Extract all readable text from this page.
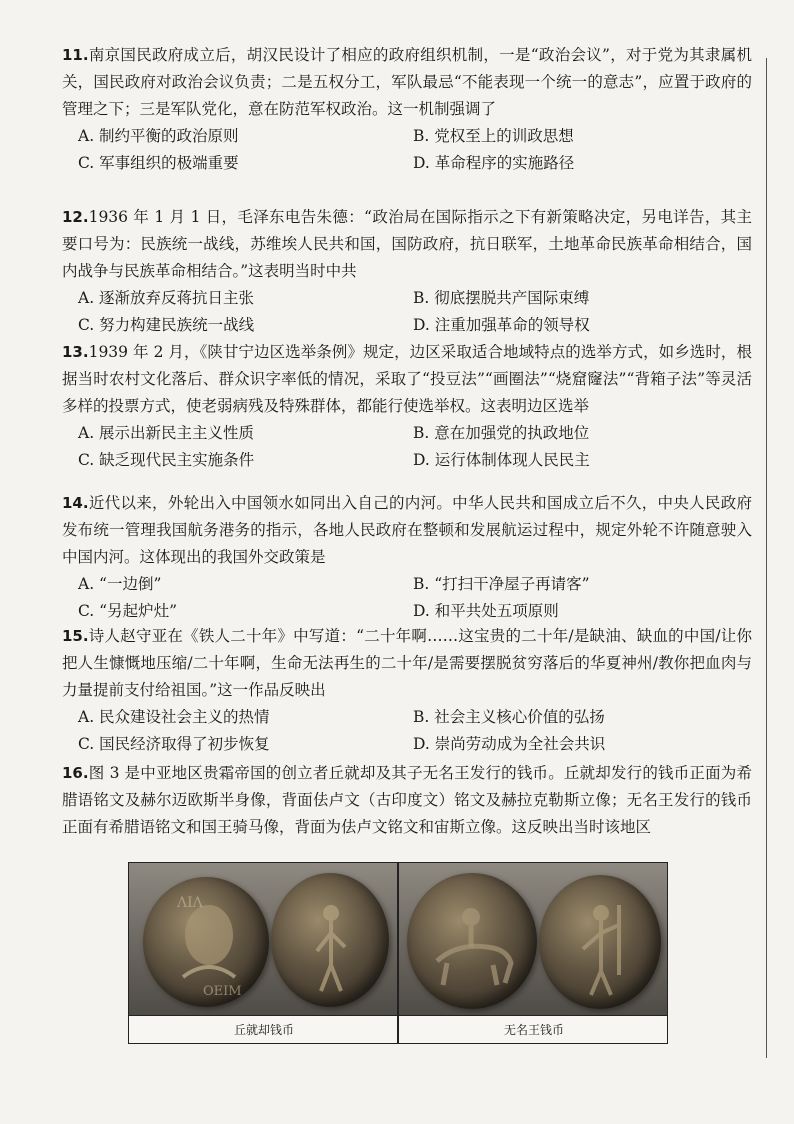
11.南京国民政府成立后，胡汉民设计了相应的政府组织机制，一是“政治会议”，对于党为其隶属机关，国民政府对政治会议负责；二是五权分工，军队最忌“不能表现一个统一的意志”，应置于政府的管理之下；三是军队党化，意在防范军权政治。这一机制强调了

A. 制约平衡的政治原则	B. 党权至上的训政思想
C. 军事组织的极端重要	D. 革命程序的实施路径

12.1936 年 1 月 1 日，毛泽东电告朱德：“政治局在国际指示之下有新策略决定，另电详告，其主要口号为：民族统一战线，苏维埃人民共和国，国防政府，抗日联军，土地革命民族革命相结合，国内战争与民族革命相结合。”这表明当时中共

A. 逐渐放弃反蒋抗日主张	B. 彻底摆脱共产国际束缚
C. 努力构建民族统一战线	D. 注重加强革命的领导权

13.1939 年 2 月，《陕甘宁边区选举条例》规定，边区采取适合地域特点的选举方式，如乡选时，根据当时农村文化落后、群众识字率低的情况，采取了“投豆法”“画圈法”“烧窟窿法”“背箱子法”等灵活多样的投票方式，使老弱病残及特殊群体，都能行使选举权。这表明边区选举

A. 展示出新民主主义性质	B. 意在加强党的执政地位
C. 缺乏现代民主实施条件	D. 运行体制体现人民民主

14.近代以来，外轮出入中国领水如同出入自己的内河。中华人民共和国成立后不久，中央人民政府发布统一管理我国航务港务的指示，各地人民政府在整顿和发展航运过程中，规定外轮不许随意驶入中国内河。这体现出的我国外交政策是

A. “一边倒”	B. “打扫干净屋子再请客”
C. “另起炉灶”	D. 和平共处五项原则

15.诗人赵守亚在《铁人二十年》中写道：“二十年啊……这宝贵的二十年/是缺油、缺血的中国/让你把人生慷慨地压缩/二十年啊，生命无法再生的二十年/是需要摆脱贫穷落后的华夏神州/教你把血肉与力量提前支付给祖国。”这一作品反映出

A. 民众建设社会主义的热情	B. 社会主义核心价值的弘扬
C. 国民经济取得了初步恢复	D. 崇尚劳动成为全社会共识

16.图 3 是中亚地区贵霜帝国的创立者丘就却及其子无名王发行的钱币。丘就却发行的钱币正面为希腊语铭文及赫尔迈欧斯半身像，背面佉卢文（古印度文）铭文及赫拉克勒斯立像；无名王发行的钱币正面有希腊语铭文和国王骑马像，背面为佉卢文铭文和宙斯立像。这反映出当时该地区

ΛΙΛ
ΟΕΙΜ
丘就却钱币	无名王钱币
